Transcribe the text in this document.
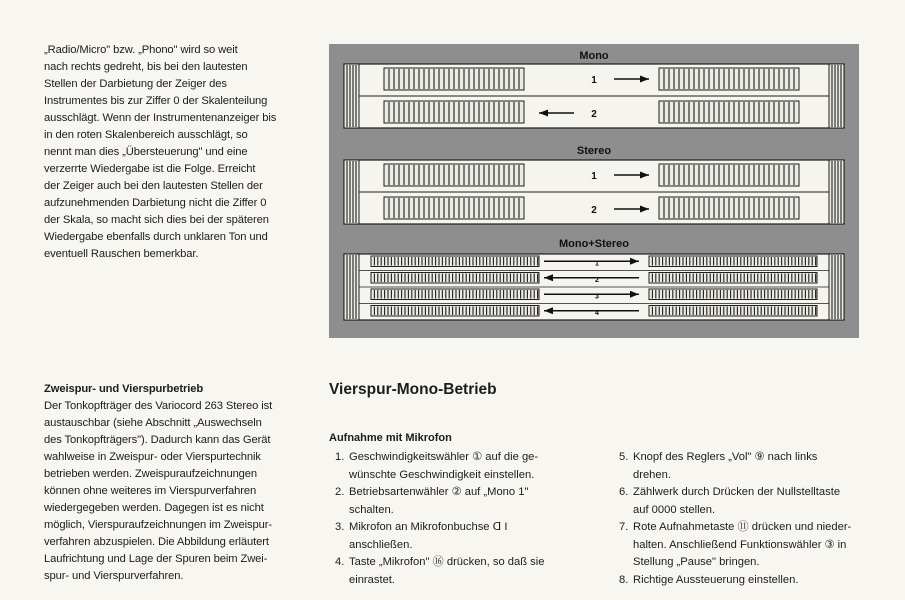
„Radio/Micro" bzw. „Phono" wird so weit

nach rechts gedreht, bis bei den lautesten

Stellen der Darbietung der Zeiger des

Instrumentes bis zur Ziffer 0 der Skalenteilung

ausschlägt. Wenn der Instrumentenanzeiger bis

in den roten Skalenbereich ausschlägt, so

nennt man dies „Übersteuerung" und eine

verzerrte Wiedergabe ist die Folge. Erreicht

der Zeiger auch bei den lautesten Stellen der

aufzunehmenden Darbietung nicht die Ziffer 0

der Skala, so macht sich dies bei der späteren

Wiedergabe ebenfalls durch unklaren Ton und

eventuell Rauschen bemerkbar.

Mono
1
2
Stereo
1
2
Mono+Stereo
1
2
3
4

Zweispur- und Vierspurbetrieb

Der Tonkopfträger des Variocord 263 Stereo ist

austauschbar (siehe Abschnitt „Auswechseln

des Tonkopfträgers"). Dadurch kann das Gerät

wahlweise in Zweispur- oder Vierspurtechnik

betrieben werden. Zweispuraufzeichnungen

können ohne weiteres im Vierspurverfahren

wiedergegeben werden. Dagegen ist es nicht

möglich, Vierspuraufzeichnungen im Zweispur-

verfahren abzuspielen. Die Abbildung erläutert

Laufrichtung und Lage der Spuren beim Zwei-

spur- und Vierspurverfahren.

Vierspur-Mono-Betrieb
Aufnahme mit Mikrofon
1. Geschwindigkeitswähler ① auf die ge-
wünschte Geschwindigkeit einstellen.
2. Betriebsartenwähler ② auf „Mono 1"
schalten.
3. Mikrofon an Mikrofonbuchse ᗡ I
anschließen.
4. Taste „Mikrofon" ⑯ drücken, so daß sie
einrastet.
5. Knopf des Reglers „Vol" ⑨ nach links
drehen.
6. Zählwerk durch Drücken der Nullstelltaste
auf 0000 stellen.
7. Rote Aufnahmetaste ⑪ drücken und nieder-
halten. Anschließend Funktionswähler ③ in
Stellung „Pause" bringen.
8. Richtige Aussteuerung einstellen.
